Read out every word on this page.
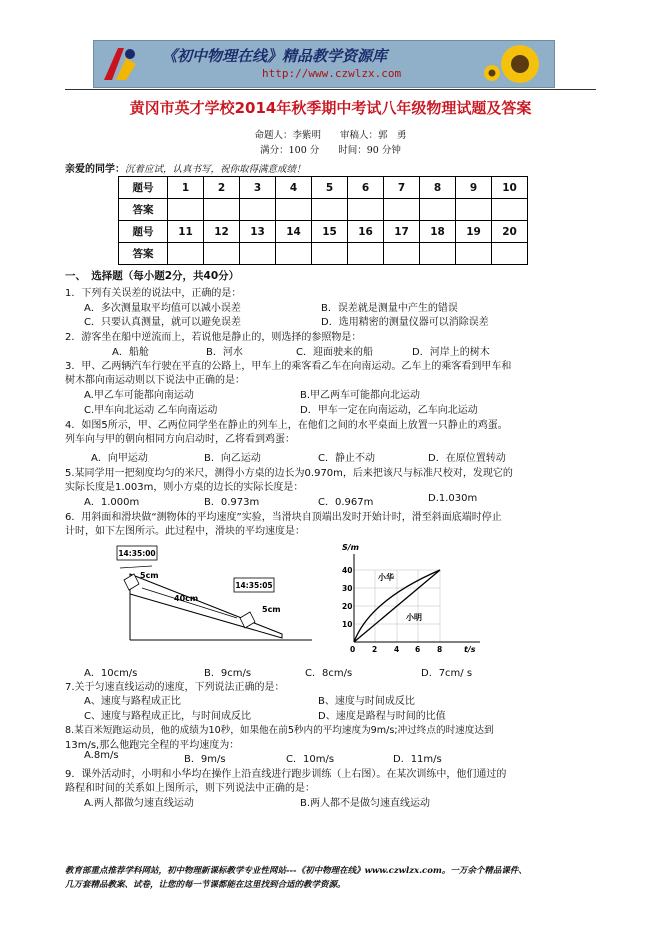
《初中物理在线》精品教学资源库
http://www.czwlzx.com
黄冈市英才学校2014年秋季期中考试八年级物理试题及答案
命题人：李紫明　　审稿人：郭　勇
满分：100 分　　时间：90 分钟
亲爱的同学：沉着应试，认真书写，祝你取得满意成绩！
题号	1	2	3	4	5	6	7	8	9	10
答案										
题号	11	12	13	14	15	16	17	18	19	20
答案										
一、　选择题（每小题2分，共40分）
1．下列有关误差的说法中，正确的是：
A．多次测量取平均值可以减小误差	B．误差就是测量中产生的错误
C．只要认真测量，就可以避免误差	D．选用精密的测量仪器可以消除误差
2．游客坐在船中逆流而上，若说他是静止的，则选择的参照物是：
A．船舱	B．河水	C．迎面驶来的船	D．河岸上的树木
3．甲、乙两辆汽车行驶在平直的公路上，甲车上的乘客看乙车在向南运动。乙车上的乘客看到甲车和
树木都向南运动则以下说法中正确的是：
A.甲乙车可能都向南运动	B.甲乙两车可能都向北运动
C.甲车向北运动 乙车向南运动	D．甲车一定在向南运动，乙车向北运动
4．如图5所示，甲、乙两位同学坐在静止的列车上，在他们之间的水平桌面上放置一只静止的鸡蛋。
列车向与甲的朝向相同方向启动时，乙将看到鸡蛋：
A．向甲运动	B．向乙运动	C．静止不动	D．在原位置转动
5.某同学用一把刻度均匀的米尺，测得小方桌的边长为0.970m，后来把该尺与标准尺校对，发现它的
实际长度是1.003m，则小方桌的边长的实际长度是：
A．1.000m	B．0.973m	C．0.967m	D.1.030m
6．用斜面和滑块做“测物体的平均速度”实验，当滑块自顶端出发时开始计时，滑至斜面底端时停止
计时，如下左图所示。此过程中，滑块的平均速度是：
14:35:00
5cm
40cm
14:35:05
5cm
S/m
40
30
20
10
0 2 4 6 8	t/s
小华
小明
A．10cm/s	B．9cm/s	C．8cm/s	D．7cm/ s
7.关于匀速直线运动的速度，下列说法正确的是：
A、速度与路程成正比	B、速度与时间成反比
C、速度与路程成正比，与时间成反比	D、速度是路程与时间的比值
8.某百米短跑运动员，他的成绩为10秒，如果他在前5秒内的平均速度为9m/s;冲过终点的时速度达到
13m/s,那么他跑完全程的平均速度为：
A.8m/s	B．9m/s	C．10m/s	D．11m/s
9．课外活动时，小明和小华均在操作上沿直线进行跑步训练（上右图）。在某次训练中，他们通过的
路程和时间的关系如上图所示，则下列说法中正确的是：
A.两人都做匀速直线运动	B.两人都不是做匀速直线运动
教育部重点推荐学科网站，初中物理新课标教学专业性网站---《初中物理在线》www.czwlzx.com。一万余个精品课件、
几万套精品教案、试卷，让您的每一节课都能在这里找到合适的教学资源。
